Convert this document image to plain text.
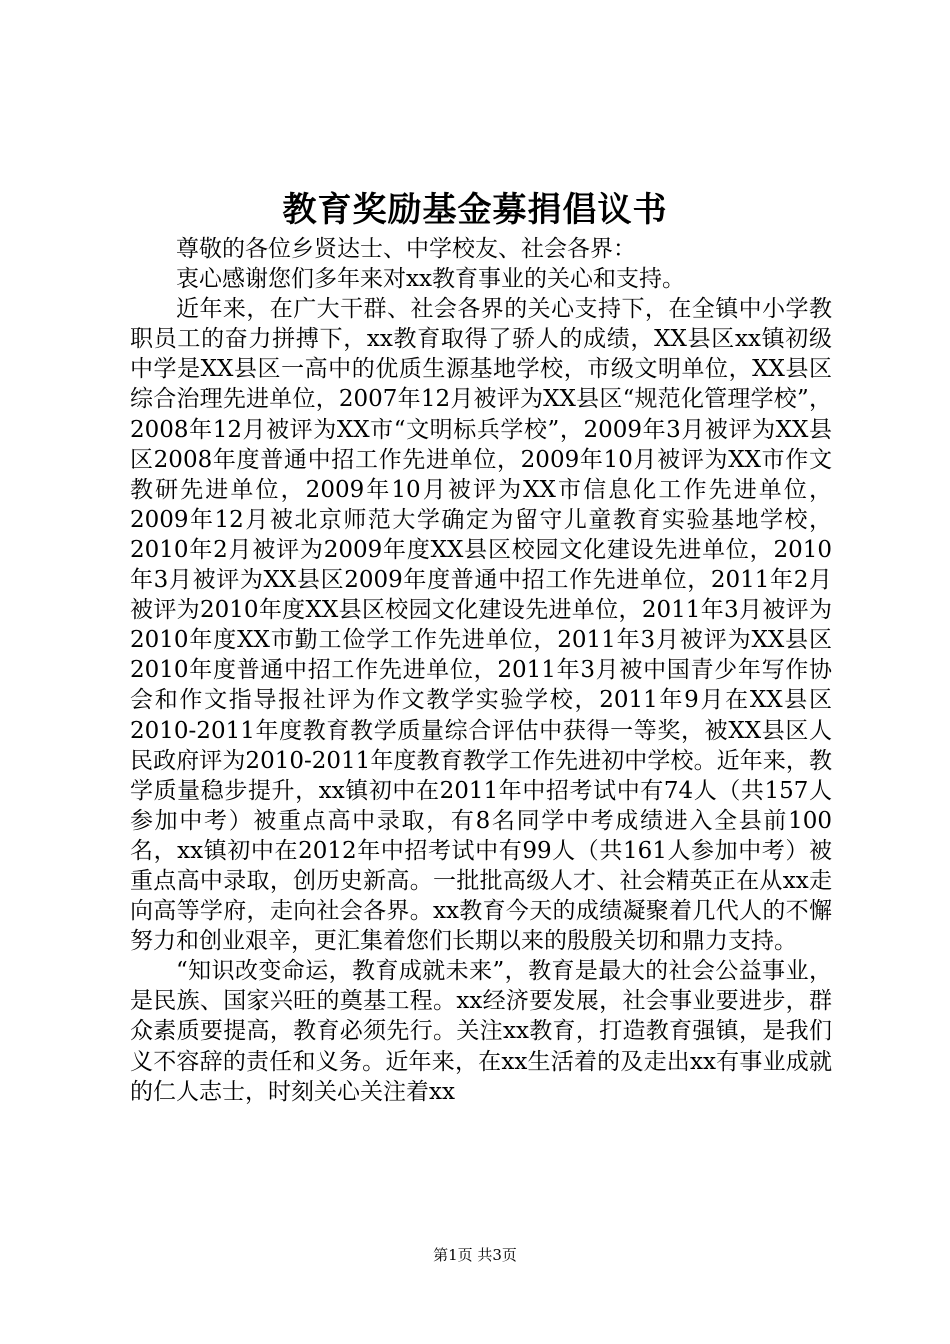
教育奖励基金募捐倡议书

尊敬的各位乡贤达士、中学校友、社会各界：

衷心感谢您们多年来对xx教育事业的关心和支持。

近年来，在广大干群、社会各界的关心支持下，在全镇中小学教职员工的奋力拼搏下，xx教育取得了骄人的成绩，XX县区xx镇初级中学是XX县区一高中的优质生源基地学校，市级文明单位，XX县区综合治理先进单位，2007年12月被评为XX县区“规范化管理学校”，2008年12月被评为XX市“文明标兵学校”，2009年3月被评为XX县区2008年度普通中招工作先进单位，2009年10月被评为XX市作文教研先进单位，2009年10月被评为XX市信息化工作先进单位，2009年12月被北京师范大学确定为留守儿童教育实验基地学校，2010年2月被评为2009年度XX县区校园文化建设先进单位，2010年3月被评为XX县区2009年度普通中招工作先进单位，2011年2月被评为2010年度XX县区校园文化建设先进单位，2011年3月被评为2010年度XX市勤工俭学工作先进单位，2011年3月被评为XX县区2010年度普通中招工作先进单位，2011年3月被中国青少年写作协会和作文指导报社评为作文教学实验学校，2011年9月在XX县区2010-2011年度教育教学质量综合评估中获得一等奖，被XX县区人民政府评为2010-2011年度教育教学工作先进初中学校。近年来，教学质量稳步提升，xx镇初中在2011年中招考试中有74人（共157人参加中考）被重点高中录取，有8名同学中考成绩进入全县前100名，xx镇初中在2012年中招考试中有99人（共161人参加中考）被重点高中录取，创历史新高。一批批高级人才、社会精英正在从xx走向高等学府，走向社会各界。xx教育今天的成绩凝聚着几代人的不懈努力和创业艰辛，更汇集着您们长期以来的殷殷关切和鼎力支持。

“知识改变命运，教育成就未来”，教育是最大的社会公益事业，是民族、国家兴旺的奠基工程。xx经济要发展，社会事业要进步，群众素质要提高，教育必须先行。关注xx教育，打造教育强镇，是我们义不容辞的责任和义务。近年来，在xx生活着的及走出xx有事业成就的仁人志士，时刻关心关注着xx

第1页 共3页
